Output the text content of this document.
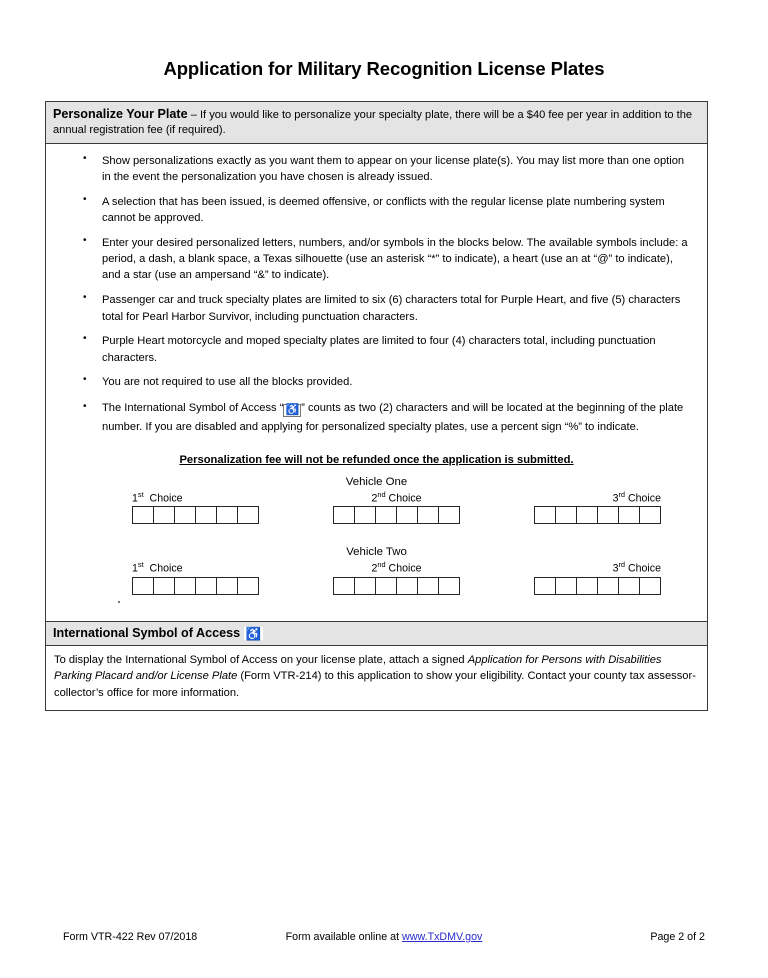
Application for Military Recognition License Plates
Personalize Your Plate – If you would like to personalize your specialty plate, there will be a $40 fee per year in addition to the annual registration fee (if required).
• Show personalizations exactly as you want them to appear on your license plate(s). You may list more than one option in the event the personalization you have chosen is already issued.
• A selection that has been issued, is deemed offensive, or conflicts with the regular license plate numbering system cannot be approved.
• Enter your desired personalized letters, numbers, and/or symbols in the blocks below. The available symbols include: a period, a dash, a blank space, a Texas silhouette (use an asterisk “*” to indicate), a heart (use an at “@” to indicate), and a star (use an ampersand “&” to indicate).
• Passenger car and truck specialty plates are limited to six (6) characters total for Purple Heart, and five (5) characters total for Pearl Harbor Survivor, including punctuation characters.
• Purple Heart motorcycle and moped specialty plates are limited to four (4) characters total, including punctuation characters.
• You are not required to use all the blocks provided.
• The International Symbol of Access “ ♿ ” counts as two (2) characters and will be located at the beginning of the plate number. If you are disabled and applying for personalized specialty plates, use a percent sign “%” to indicate.
Personalization fee will not be refunded once the application is submitted.
Vehicle One
1st Choice	2nd Choice	3rd Choice
Vehicle Two
1st Choice	2nd Choice	3rd Choice
International Symbol of Access ♿
To display the International Symbol of Access on your license plate, attach a signed Application for Persons with Disabilities Parking Placard and/or License Plate (Form VTR-214) to this application to show your eligibility. Contact your county tax assessor-collector’s office for more information.
Form VTR-422 Rev 07/2018	Form available online at www.TxDMV.gov	Page 2 of 2
